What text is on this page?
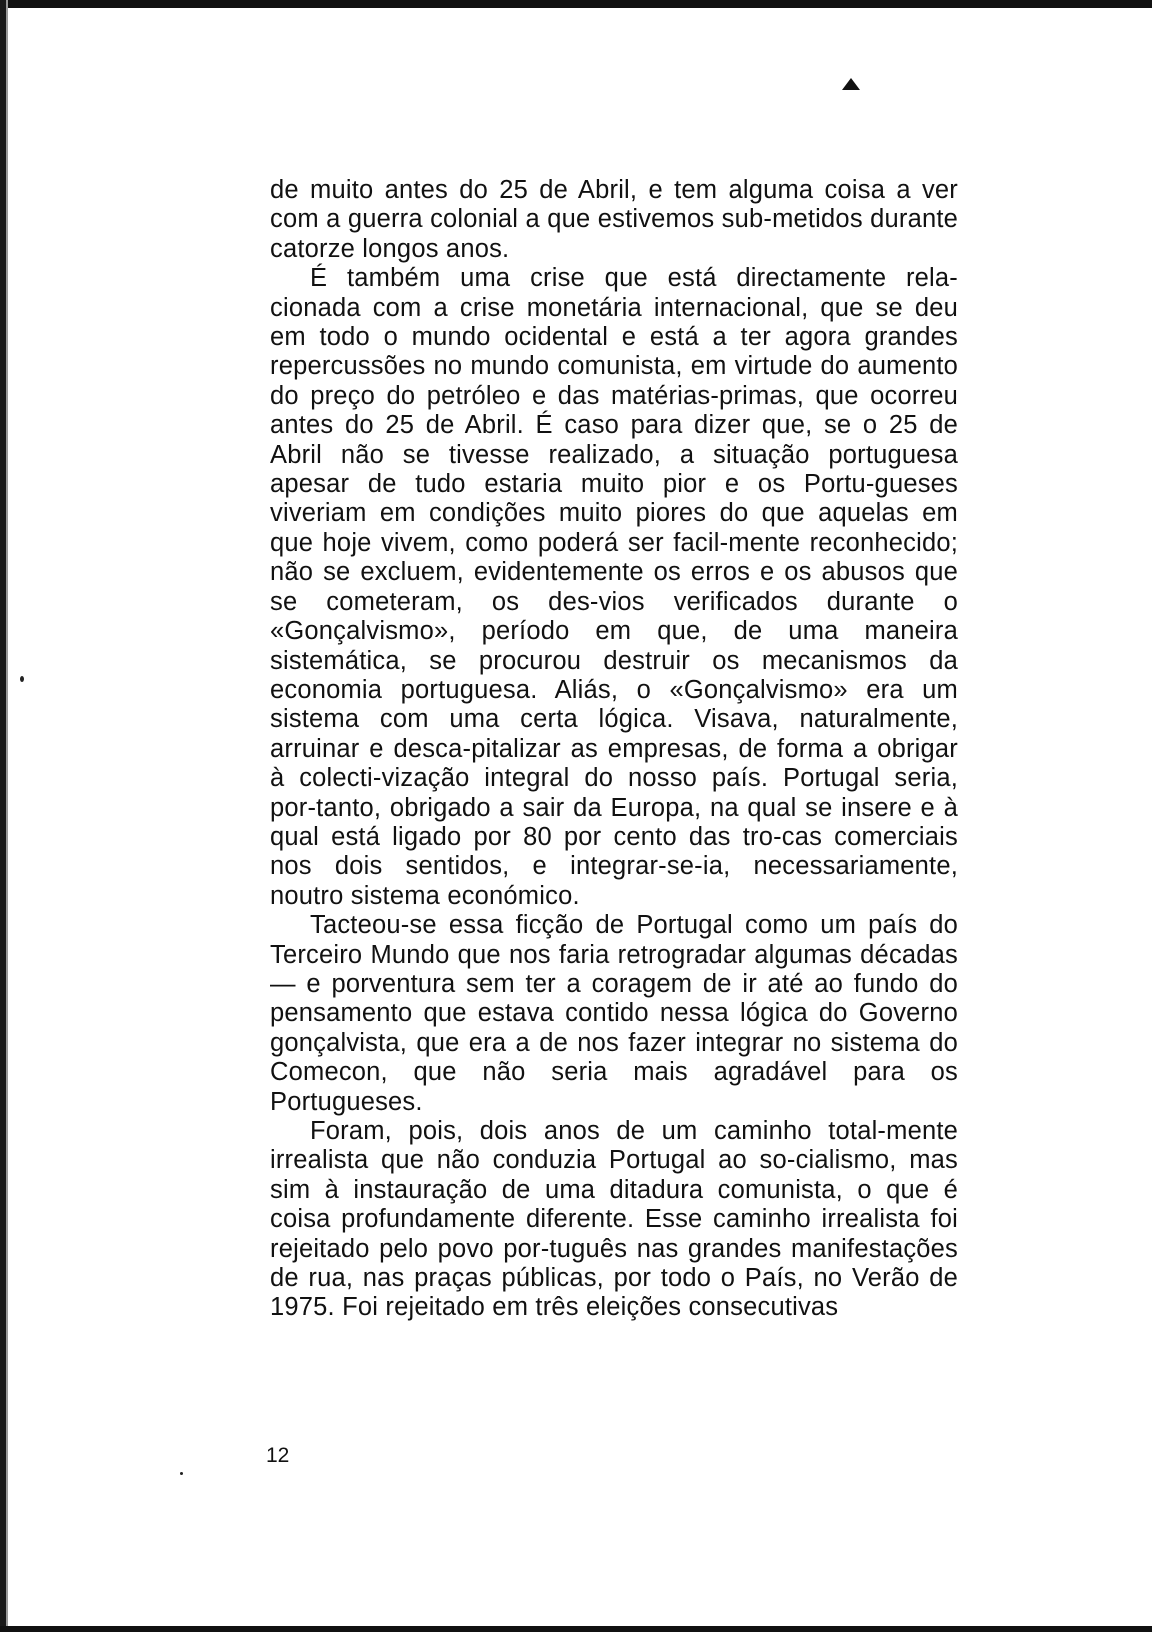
de muito antes do 25 de Abril, e tem alguma coisa a ver com a guerra colonial a que estivemos sub-metidos durante catorze longos anos.

É também uma crise que está directamente rela-cionada com a crise monetária internacional, que se deu em todo o mundo ocidental e está a ter agora grandes repercussões no mundo comunista, em virtude do aumento do preço do petróleo e das matérias-primas, que ocorreu antes do 25 de Abril. É caso para dizer que, se o 25 de Abril não se tivesse realizado, a situação portuguesa apesar de tudo estaria muito pior e os Portu-gueses viveriam em condições muito piores do que aquelas em que hoje vivem, como poderá ser facil-mente reconhecido; não se excluem, evidentemente os erros e os abusos que se cometeram, os des-vios verificados durante o «Gonçalvismo», período em que, de uma maneira sistemática, se procurou destruir os mecanismos da economia portuguesa. Aliás, o «Gonçalvismo» era um sistema com uma certa lógica. Visava, naturalmente, arruinar e desca-pitalizar as empresas, de forma a obrigar à colecti-vização integral do nosso país. Portugal seria, por-tanto, obrigado a sair da Europa, na qual se insere e à qual está ligado por 80 por cento das tro-cas comerciais nos dois sentidos, e integrar-se-ia, necessariamente, noutro sistema económico.

Tacteou-se essa ficção de Portugal como um país do Terceiro Mundo que nos faria retrogradar algumas décadas — e porventura sem ter a coragem de ir até ao fundo do pensamento que estava contido nessa lógica do Governo gonçalvista, que era a de nos fazer integrar no sistema do Comecon, que não seria mais agradável para os Portugueses.

Foram, pois, dois anos de um caminho total-mente irrealista que não conduzia Portugal ao so-cialismo, mas sim à instauração de uma ditadura comunista, o que é coisa profundamente diferente. Esse caminho irrealista foi rejeitado pelo povo por-tuguês nas grandes manifestações de rua, nas praças públicas, por todo o País, no Verão de 1975. Foi rejeitado em três eleições consecutivas

12
